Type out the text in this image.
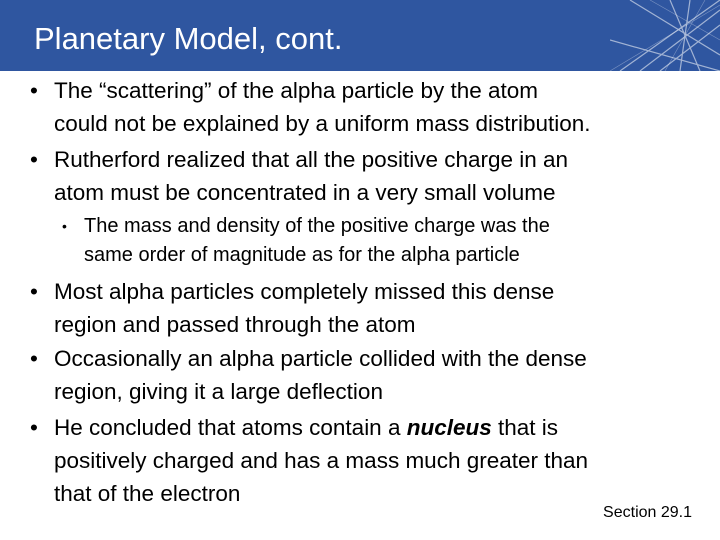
Planetary Model, cont.
• The “scattering” of the alpha particle by the atom
could not be explained by a uniform mass distribution.
• Rutherford realized that all the positive charge in an
atom must be concentrated in a very small volume
• The mass and density of the positive charge was the
same order of magnitude as for the alpha particle
• Most alpha particles completely missed this dense
region and passed through the atom
• Occasionally an alpha particle collided with the dense
region, giving it a large deflection
• He concluded that atoms contain a nucleus that is
positively charged and has a mass much greater than
that of the electron
Section 29.1
